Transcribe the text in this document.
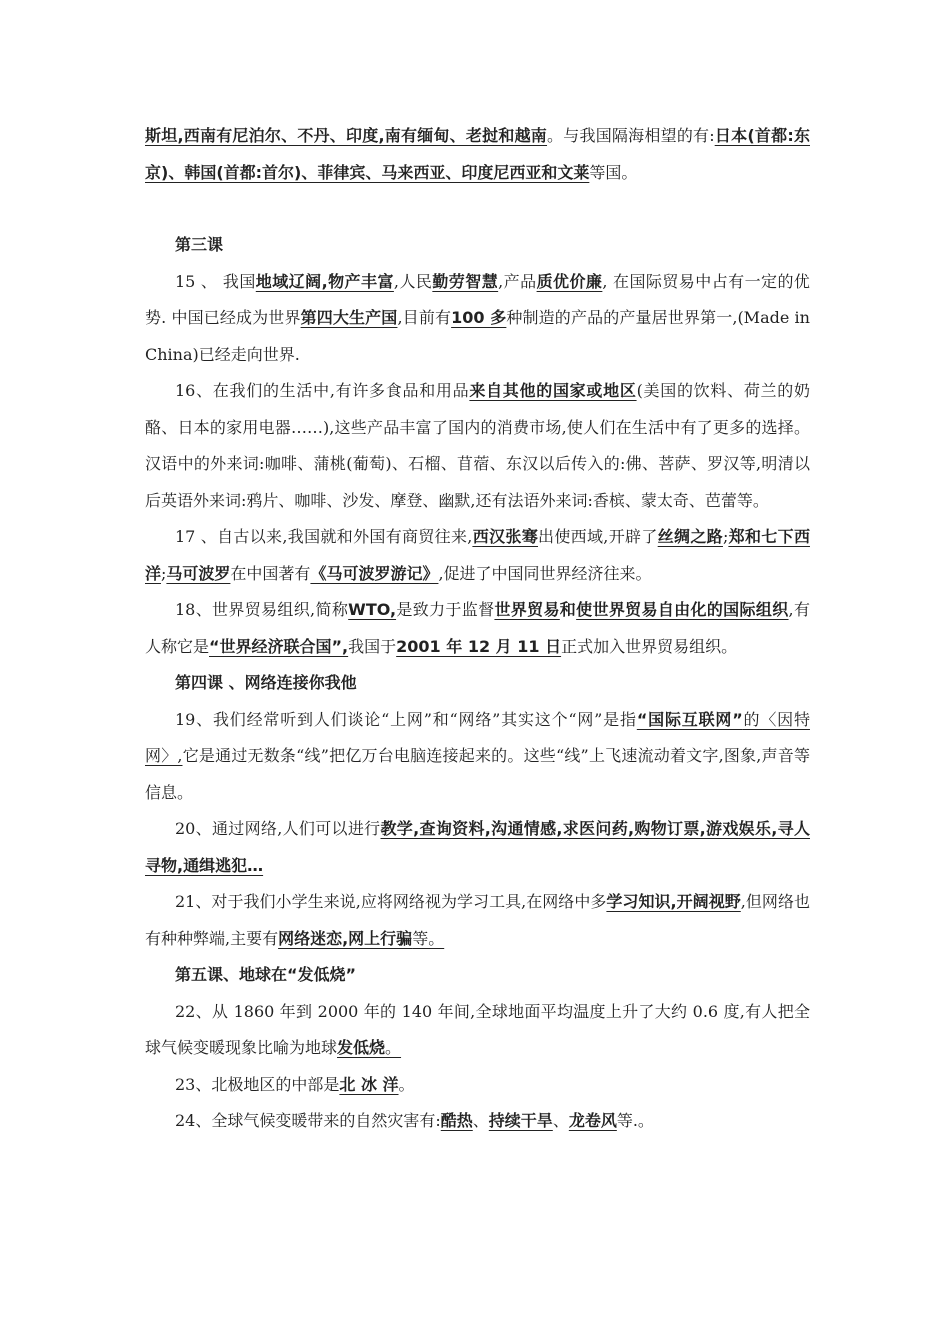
斯坦,西南有尼泊尔、不丹、印度,南有缅甸、老挝和越南。与我国隔海相望的有:日本(首都:东京)、韩国(首都:首尔)、菲律宾、马来西亚、印度尼西亚和文莱等国。

第三课

15 、 我国地域辽阔,物产丰富,人民勤劳智慧,产品质优价廉, 在国际贸易中占有一定的优势. 中国已经成为世界第四大生产国,目前有100 多种制造的产品的产量居世界第一,(Made in China)已经走向世界.

16、在我们的生活中,有许多食品和用品来自其他的国家或地区(美国的饮料、荷兰的奶酪、日本的家用电器……),这些产品丰富了国内的消费市场,使人们在生活中有了更多的选择。汉语中的外来词:咖啡、蒲桃(葡萄)、石榴、苜蓿、东汉以后传入的:佛、菩萨、罗汉等,明清以后英语外来词:鸦片、咖啡、沙发、摩登、幽默,还有法语外来词:香槟、蒙太奇、芭蕾等。

17 、自古以来,我国就和外国有商贸往来,西汉张骞出使西域,开辟了丝绸之路;郑和七下西洋;马可波罗在中国著有《马可波罗游记》,促进了中国同世界经济往来。

18、世界贸易组织,简称WTO,是致力于监督世界贸易和使世界贸易自由化的国际组织,有人称它是“世界经济联合国”,我国于2001 年 12 月 11 日正式加入世界贸易组织。

第四课 、网络连接你我他

19、我们经常听到人们谈论“上网”和“网络”其实这个“网”是指“国际互联网”的〈因特网〉,它是通过无数条“线”把亿万台电脑连接起来的。这些“线”上飞速流动着文字,图象,声音等信息。

20、通过网络,人们可以进行教学,查询资料,沟通情感,求医问药,购物订票,游戏娱乐,寻人寻物,通缉逃犯…

21、对于我们小学生来说,应将网络视为学习工具,在网络中多学习知识,开阔视野,但网络也有种种弊端,主要有网络迷恋,网上行骗等。

第五课、地球在“发低烧”

22、从 1860 年到 2000 年的 140 年间,全球地面平均温度上升了大约 0.6 度,有人把全球气候变暖现象比喻为地球发低烧。

23、北极地区的中部是北 冰 洋。

24、全球气候变暖带来的自然灾害有:酷热、持续干旱、龙卷风等.。
